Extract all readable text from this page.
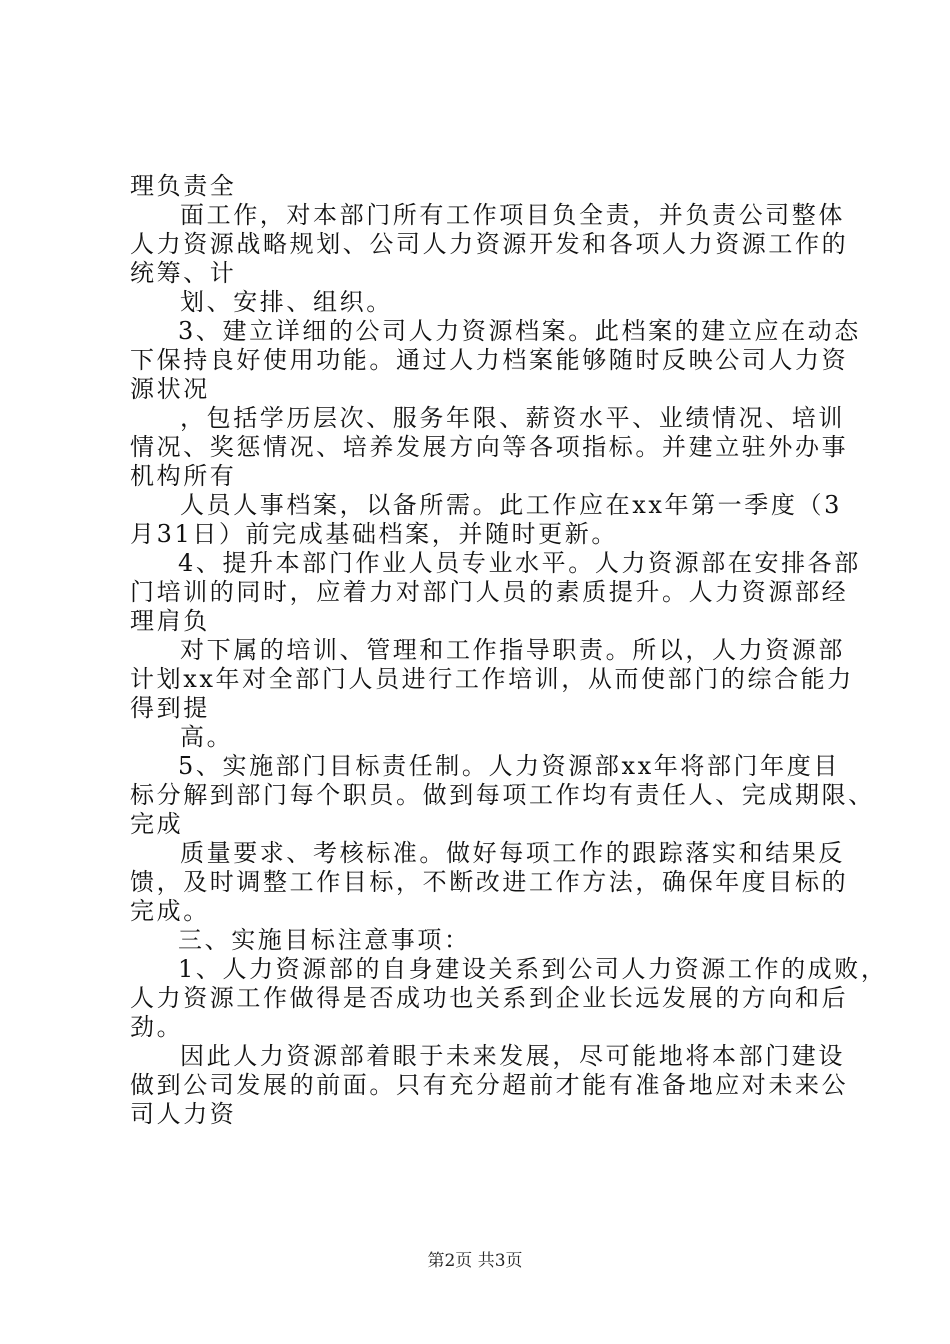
理负责全
面工作，对本部门所有工作项目负全责，并负责公司整体
人力资源战略规划、公司人力资源开发和各项人力资源工作的
统筹、计
划、安排、组织。
3、建立详细的公司人力资源档案。此档案的建立应在动态
下保持良好使用功能。通过人力档案能够随时反映公司人力资
源状况
，包括学历层次、服务年限、薪资水平、业绩情况、培训
情况、奖惩情况、培养发展方向等各项指标。并建立驻外办事
机构所有
人员人事档案，以备所需。此工作应在xx年第一季度（3
月31日）前完成基础档案，并随时更新。
4、提升本部门作业人员专业水平。人力资源部在安排各部
门培训的同时，应着力对部门人员的素质提升。人力资源部经
理肩负
对下属的培训、管理和工作指导职责。所以，人力资源部
计划xx年对全部门人员进行工作培训，从而使部门的综合能力
得到提
高。
5、实施部门目标责任制。人力资源部xx年将部门年度目
标分解到部门每个职员。做到每项工作均有责任人、完成期限、
完成
质量要求、考核标准。做好每项工作的跟踪落实和结果反
馈，及时调整工作目标，不断改进工作方法，确保年度目标的
完成。
三、实施目标注意事项：
1、人力资源部的自身建设关系到公司人力资源工作的成败，
人力资源工作做得是否成功也关系到企业长远发展的方向和后
劲。
因此人力资源部着眼于未来发展，尽可能地将本部门建设
做到公司发展的前面。只有充分超前才能有准备地应对未来公
司人力资
第2页 共3页
